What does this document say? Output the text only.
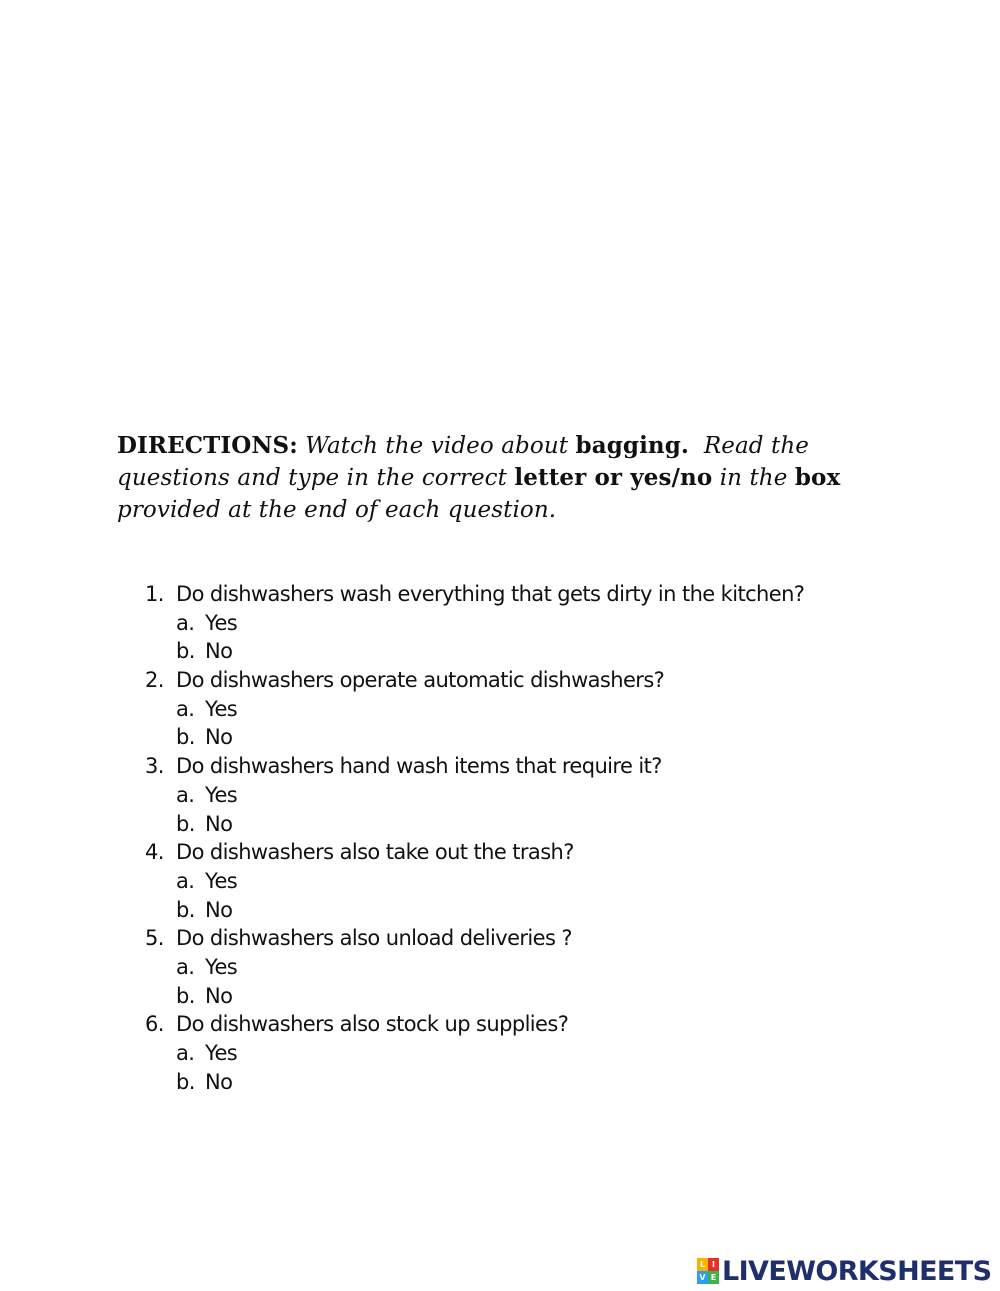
DIRECTIONS: Watch the video about bagging. Read the questions and type in the correct letter or yes/no in the box provided at the end of each question.
1. Do dishwashers wash everything that gets dirty in the kitchen?
a. Yes
b. No
2. Do dishwashers operate automatic dishwashers?
a. Yes
b. No
3. Do dishwashers hand wash items that require it?
a. Yes
b. No
4. Do dishwashers also take out the trash?
a. Yes
b. No
5. Do dishwashers also unload deliveries ?
a. Yes
b. No
6. Do dishwashers also stock up supplies?
a. Yes
b. No
L I
V E LIVEWORKSHEETS
